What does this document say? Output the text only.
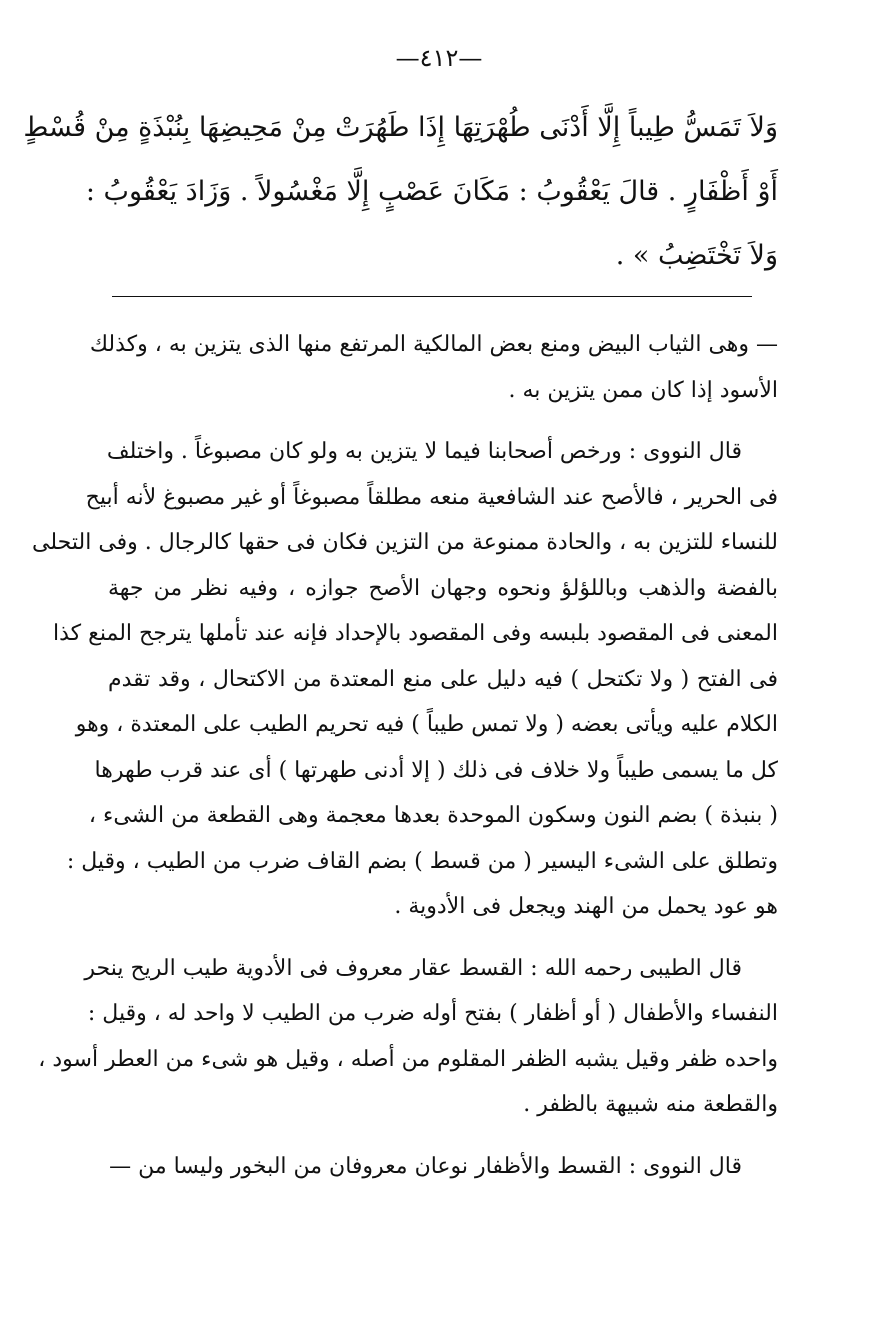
—٤١٢—
وَلاَ تَمَسُّ طِيباً إِلَّا أَدْنَى طُهْرَتِهَا إِذَا طَهُرَتْ مِنْ مَحِيضِهَا بِنُبْذَةٍ مِنْ قُسْطٍ
أَوْ أَظْفَارٍ . قالَ يَعْقُوبُ : مَكَانَ عَصْبٍ إِلَّا مَغْسُولاً . وَزَادَ يَعْقُوبُ :
وَلاَ تَخْتَضِبُ » .
— وهى الثياب البيض ومنع بعض المالكية المرتفع منها الذى يتزين به ، وكذلك
الأسود إذا كان ممن يتزين به .
قال النووى : ورخص أصحابنا فيما لا يتزين به ولو كان مصبوغاً . واختلف
فى الحرير ، فالأصح عند الشافعية منعه مطلقاً مصبوغاً أو غير مصبوغ لأنه أبيح
للنساء للتزين به ، والحادة ممنوعة من التزين فكان فى حقها كالرجال . وفى التحلى
بالفضة والذهب وباللؤلؤ ونحوه وجهان الأصح جوازه ، وفيه نظر من جهة
المعنى فى المقصود بلبسه وفى المقصود بالإحداد فإنه عند تأملها يترجح المنع كذا
فى الفتح ( ولا تكتحل ) فيه دليل على منع المعتدة من الاكتحال ، وقد تقدم
الكلام عليه ويأتى بعضه ( ولا تمس طيباً ) فيه تحريم الطيب على المعتدة ، وهو
كل ما يسمى طيباً ولا خلاف فى ذلك ( إلا أدنى طهرتها ) أى عند قرب طهرها
( بنبذة ) بضم النون وسكون الموحدة بعدها معجمة وهى القطعة من الشىء ،
وتطلق على الشىء اليسير ( من قسط ) بضم القاف ضرب من الطيب ، وقيل :
هو عود يحمل من الهند ويجعل فى الأدوية .
قال الطيبى رحمه الله : القسط عقار معروف فى الأدوية طيب الريح ينحر
النفساء والأطفال ( أو أظفار ) بفتح أوله ضرب من الطيب لا واحد له ، وقيل :
واحده ظفر وقيل يشبه الظفر المقلوم من أصله ، وقيل هو شىء من العطر أسود ،
والقطعة منه شبيهة بالظفر .
قال النووى : القسط والأظفار نوعان معروفان من البخور وليسا من —
